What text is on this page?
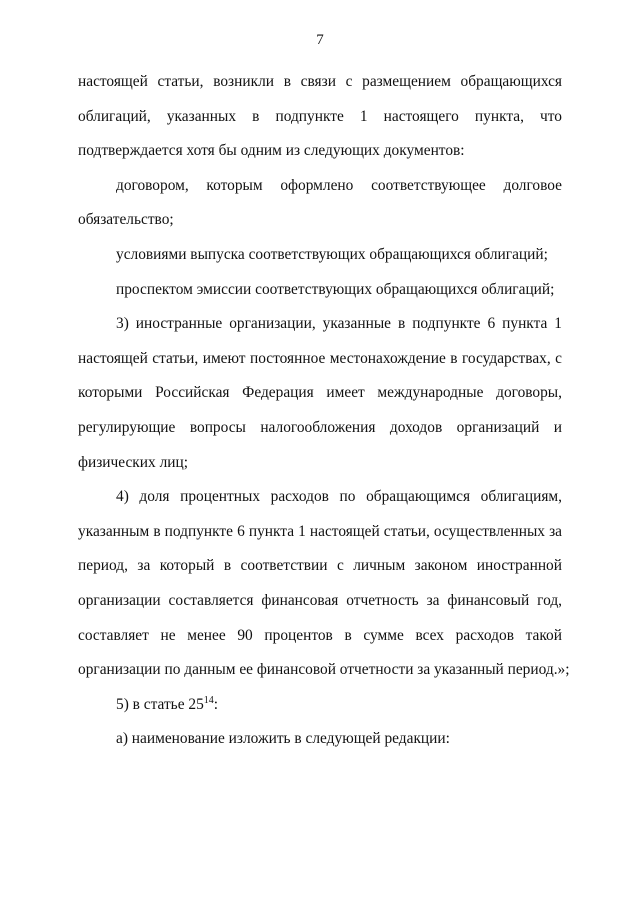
7
настоящей статьи, возникли в связи с размещением обращающихся
облигаций, указанных в подпункте 1 настоящего пункта, что
подтверждается хотя бы одним из следующих документов:
договором, которым оформлено соответствующее долговое
обязательство;
условиями выпуска соответствующих обращающихся облигаций;
проспектом эмиссии соответствующих обращающихся облигаций;
3) иностранные организации, указанные в подпункте 6 пункта 1
настоящей статьи, имеют постоянное местонахождение в государствах, с
которыми Российская Федерация имеет международные договоры,
регулирующие вопросы налогообложения доходов организаций и
физических лиц;
4) доля процентных расходов по обращающимся облигациям,
указанным в подпункте 6 пункта 1 настоящей статьи, осуществленных за
период, за который в соответствии с личным законом иностранной
организации составляется финансовая отчетность за финансовый год,
составляет не менее 90 процентов в сумме всех расходов такой
организации по данным ее финансовой отчетности за указанный период.»;
5) в статье $25^{14}$:
а) наименование изложить в следующей редакции:
